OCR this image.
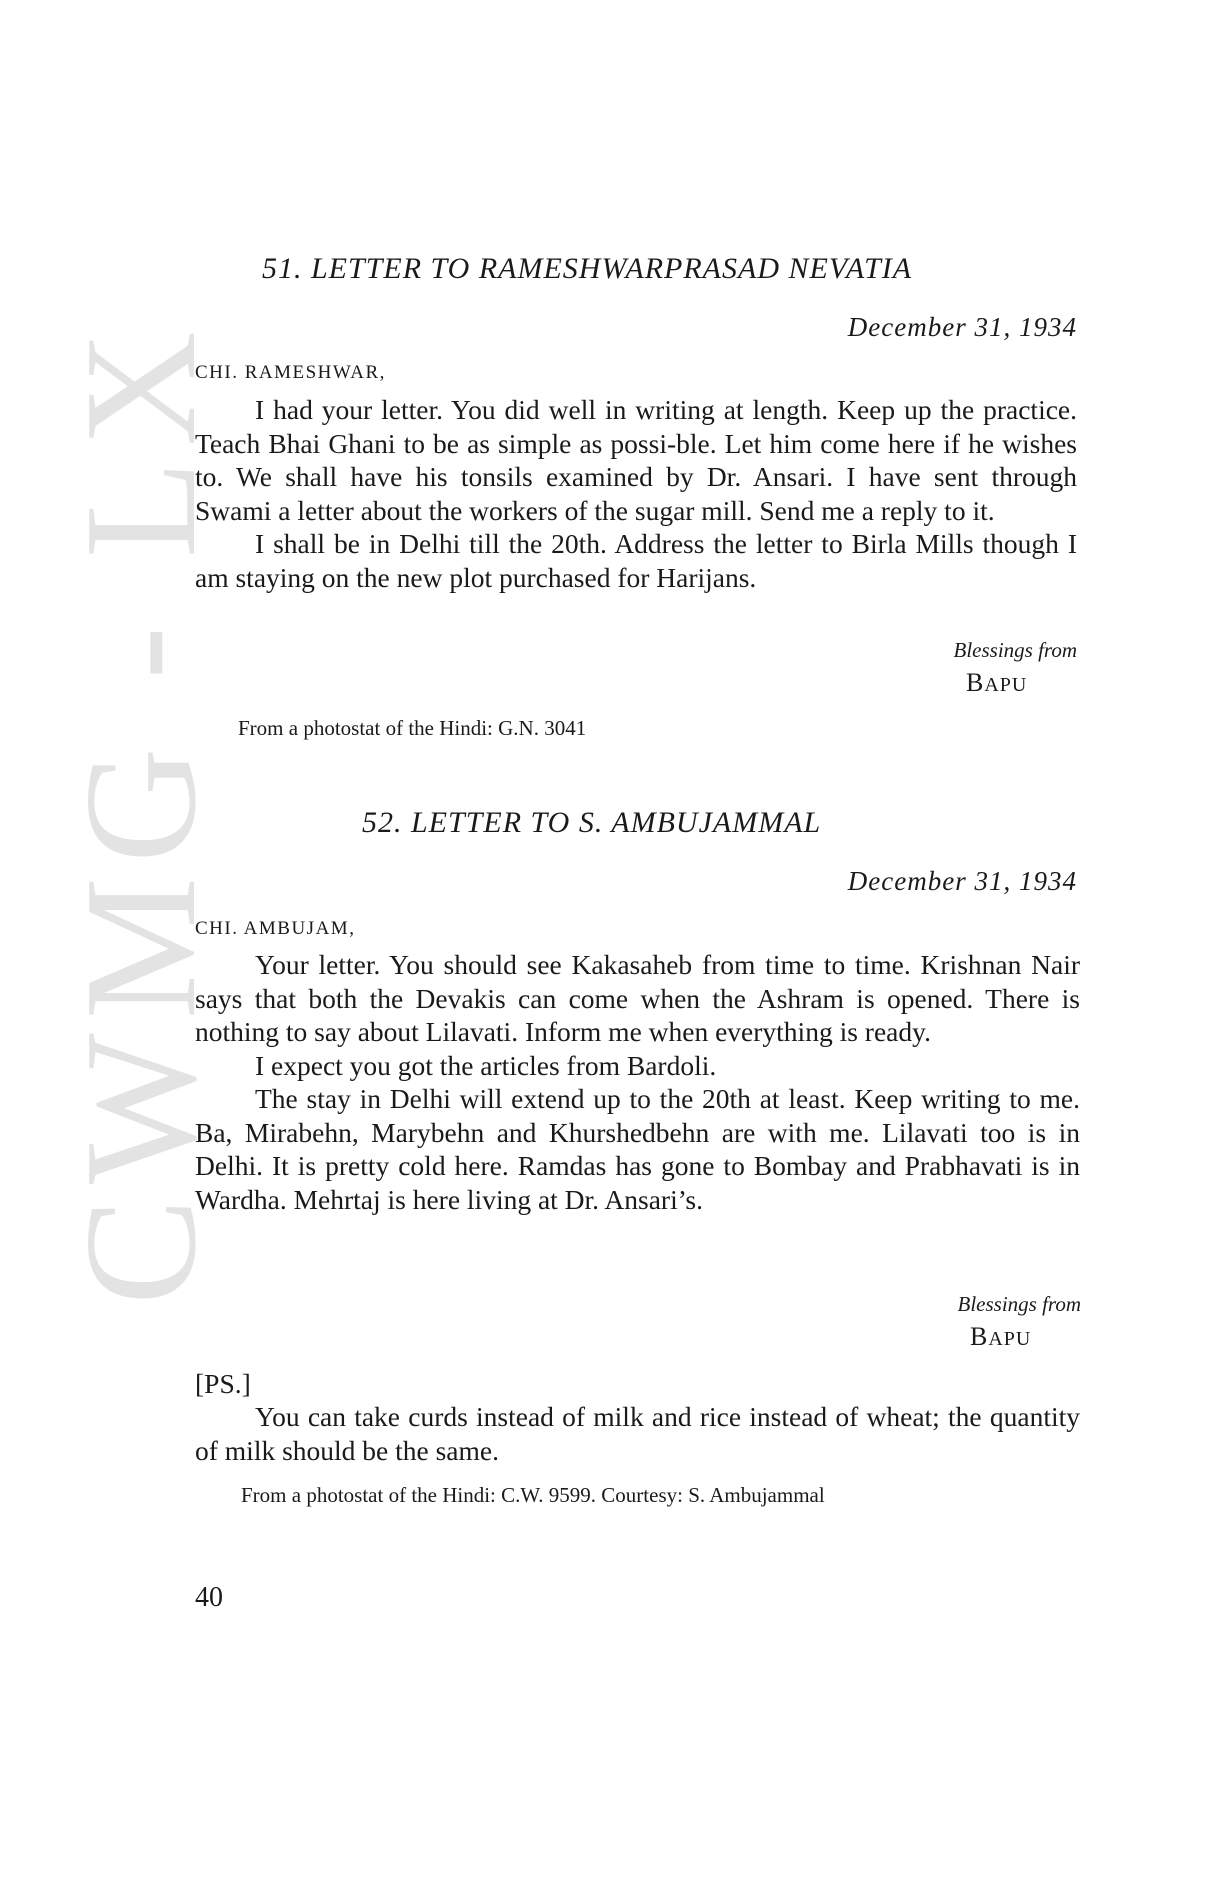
CWMG - LX
51. LETTER TO RAMESHWARPRASAD NEVATIA
December 31, 1934
CHI. RAMESHWAR,

I had your letter. You did well in writing at length. Keep up the practice. Teach Bhai Ghani to be as simple as possi-ble. Let him come here if he wishes to. We shall have his tonsils examined by Dr. Ansari. I have sent through Swami a letter about the workers of the sugar mill. Send me a reply to it.

I shall be in Delhi till the 20th. Address the letter to Birla Mills though I am staying on the new plot purchased for Harijans.

Blessings from
BAPU
From a photostat of the Hindi: G.N. 3041
52. LETTER TO S. AMBUJAMMAL
December 31, 1934
CHI. AMBUJAM,

Your letter. You should see Kakasaheb from time to time. Krishnan Nair says that both the Devakis can come when the Ashram is opened. There is nothing to say about Lilavati. Inform me when everything is ready.

I expect you got the articles from Bardoli.

The stay in Delhi will extend up to the 20th at least. Keep writing to me. Ba, Mirabehn, Marybehn and Khurshedbehn are with me. Lilavati too is in Delhi. It is pretty cold here. Ramdas has gone to Bombay and Prabhavati is in Wardha. Mehrtaj is here living at Dr. Ansari’s.

Blessings from
BAPU
[PS.]

You can take curds instead of milk and rice instead of wheat; the quantity of milk should be the same.

From a photostat of the Hindi: C.W. 9599. Courtesy: S. Ambujammal
40
